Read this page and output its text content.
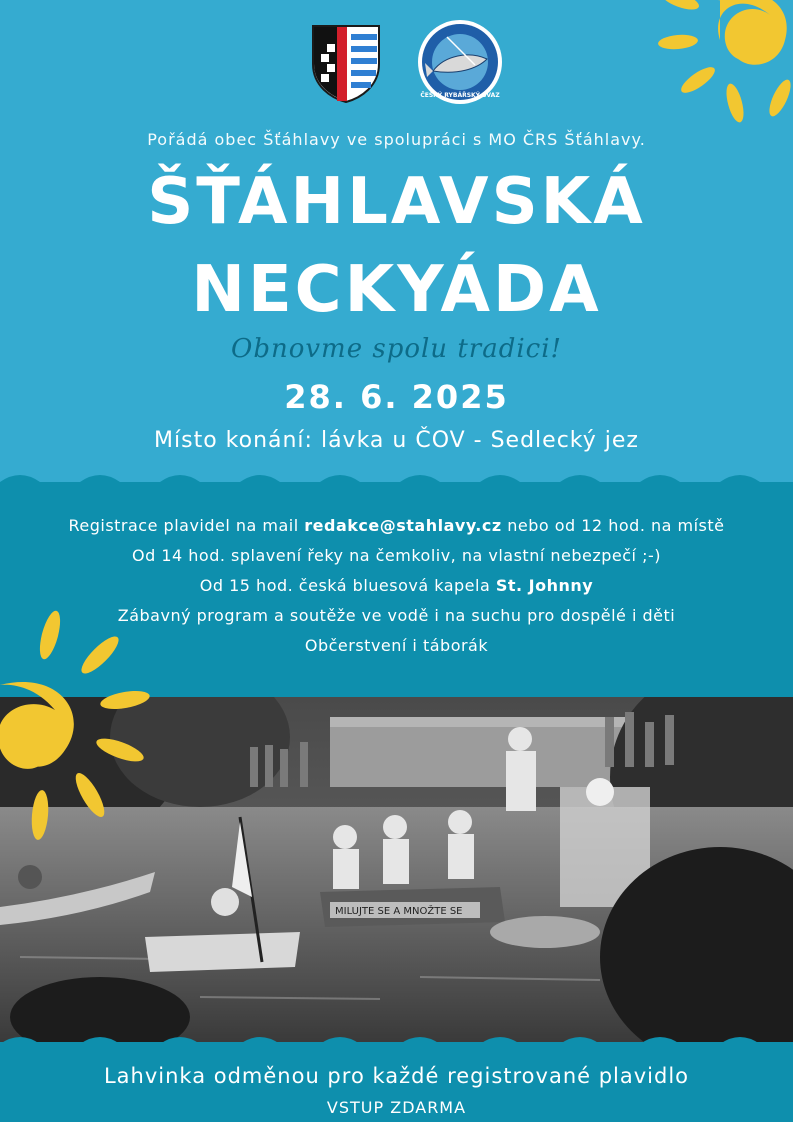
ČESKÝ RYBÁŘSKÝ SVAZ
Pořádá obec Šťáhlavy ve spolupráci s MO ČRS Šťáhlavy.
ŠŤÁHLAVSKÁ
NECKYÁDA
Obnovme spolu tradici!
28. 6. 2025
Místo konání: lávka u ČOV - Sedlecký jez
Registrace plavidel na mail redakce@stahlavy.cz nebo od 12 hod. na místě
Od 14 hod. splavení řeky na čemkoliv, na vlastní nebezpečí ;-)
Od 15 hod. česká bluesová kapela St. Johnny
Zábavný program a soutěže ve vodě i na suchu pro dospělé i děti
Občerstvení i táborák
MILUJTE SE A MNOŽTE SE
Lahvinka odměnou pro každé registrované plavidlo
VSTUP ZDARMA
